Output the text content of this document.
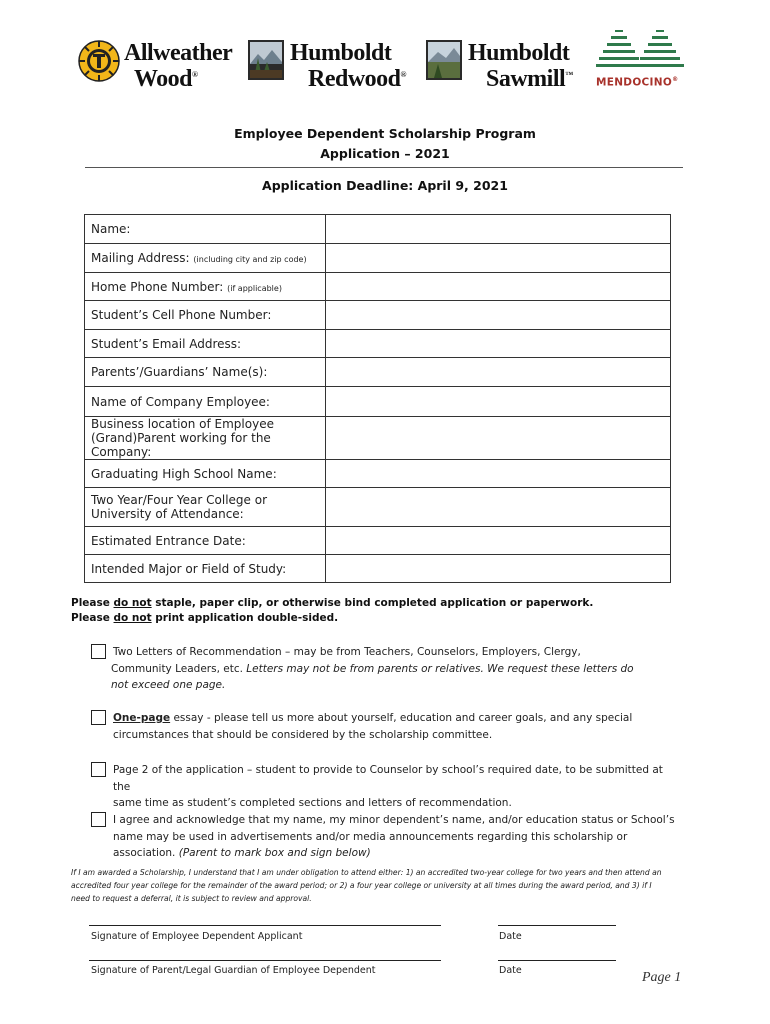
Allweather
Wood®
Humboldt
Redwood®
Humboldt
Sawmill™
MENDOCINO®
Employee Dependent Scholarship Program
Application – 2021
Application Deadline: April 9, 2021
Name:	
Mailing Address: (including city and zip code)	
Home Phone Number: (if applicable)	
Student’s Cell Phone Number:	
Student’s Email Address:	
Parents’/Guardians’ Name(s):	
Name of Company Employee:	
Business location of Employee (Grand)Parent working for the Company:	
Graduating High School Name:	
Two Year/Four Year College or University of Attendance:	
Estimated Entrance Date:	
Intended Major or Field of Study:	
Please do not staple, paper clip, or otherwise bind completed application or paperwork.
Please do not print application double-sided.
Two Letters of Recommendation – may be from Teachers, Counselors, Employers, Clergy,
Community Leaders, etc. Letters may not be from parents or relatives. We request these letters do
not exceed one page.
One-page essay - please tell us more about yourself, education and career goals, and any special
circumstances that should be considered by the scholarship committee.
Page 2 of the application – student to provide to Counselor by school’s required date, to be submitted at the
same time as student’s completed sections and letters of recommendation.
I agree and acknowledge that my name, my minor dependent’s name, and/or education status or School’s
name may be used in advertisements and/or media announcements regarding this scholarship or
association. (Parent to mark box and sign below)
If I am awarded a Scholarship, I understand that I am under obligation to attend either: 1) an accredited two-year college for two years and then attend an accredited four year college for the remainder of the award period; or 2) a four year college or university at all times during the award period, and 3) if I need to request a deferral, it is subject to review and approval.
Signature of Employee Dependent Applicant	Date
Signature of Parent/Legal Guardian of Employee Dependent	Date	Page 1
